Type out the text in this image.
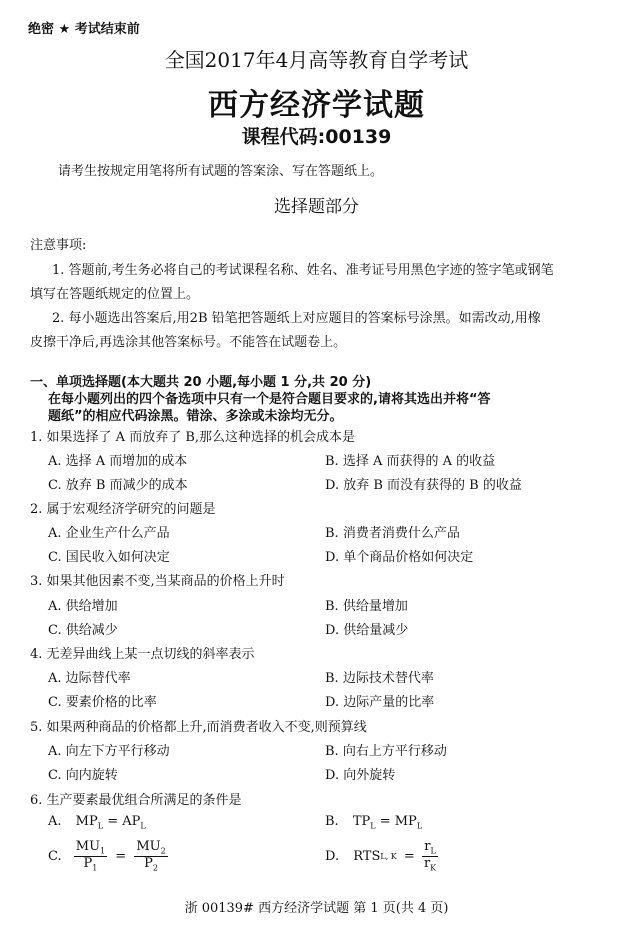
绝密 ★ 考试结束前
全国2017年4月高等教育自学考试
西方经济学试题
课程代码:00139
请考生按规定用笔将所有试题的答案涂、写在答题纸上。
选择题部分
注意事项:
1. 答题前,考生务必将自己的考试课程名称、姓名、准考证号用黑色字迹的签字笔或钢笔
填写在答题纸规定的位置上。
2. 每小题选出答案后,用2B 铅笔把答题纸上对应题目的答案标号涂黑。如需改动,用橡
皮擦干净后,再选涂其他答案标号。不能答在试题卷上。
一、单项选择题(本大题共 20 小题,每小题 1 分,共 20 分)
在每小题列出的四个备选项中只有一个是符合题目要求的,请将其选出并将“答
题纸”的相应代码涂黑。错涂、多涂或未涂均无分。
1. 如果选择了 A 而放弃了 B,那么这种选择的机会成本是
A. 选择 A 而增加的成本	B. 选择 A 而获得的 A 的收益
C. 放弃 B 而减少的成本	D. 放弃 B 而没有获得的 B 的收益
2. 属于宏观经济学研究的问题是
A. 企业生产什么产品	B. 消费者消费什么产品
C. 国民收入如何决定	D. 单个商品价格如何决定
3. 如果其他因素不变,当某商品的价格上升时
A. 供给增加	B. 供给量增加
C. 供给减少	D. 供给量减少
4. 无差异曲线上某一点切线的斜率表示
A. 边际替代率	B. 边际技术替代率
C. 要素价格的比率	D. 边际产量的比率
5. 如果两种商品的价格都上升,而消费者收入不变,则预算线
A. 向左下方平行移动	B. 向右上方平行移动
C. 向内旋转	D. 向外旋转
6. 生产要素最优组合所满足的条件是
A. $MP_L = AP_L$	B. $TP_L = MP_L$
C. $\frac{MU_1}{P_1} = \frac{MU_2}{P_2}$	D. RTSL, $K = \frac{r_L}{r_K}$
浙 00139# 西方经济学试题 第 1 页(共 4 页)
